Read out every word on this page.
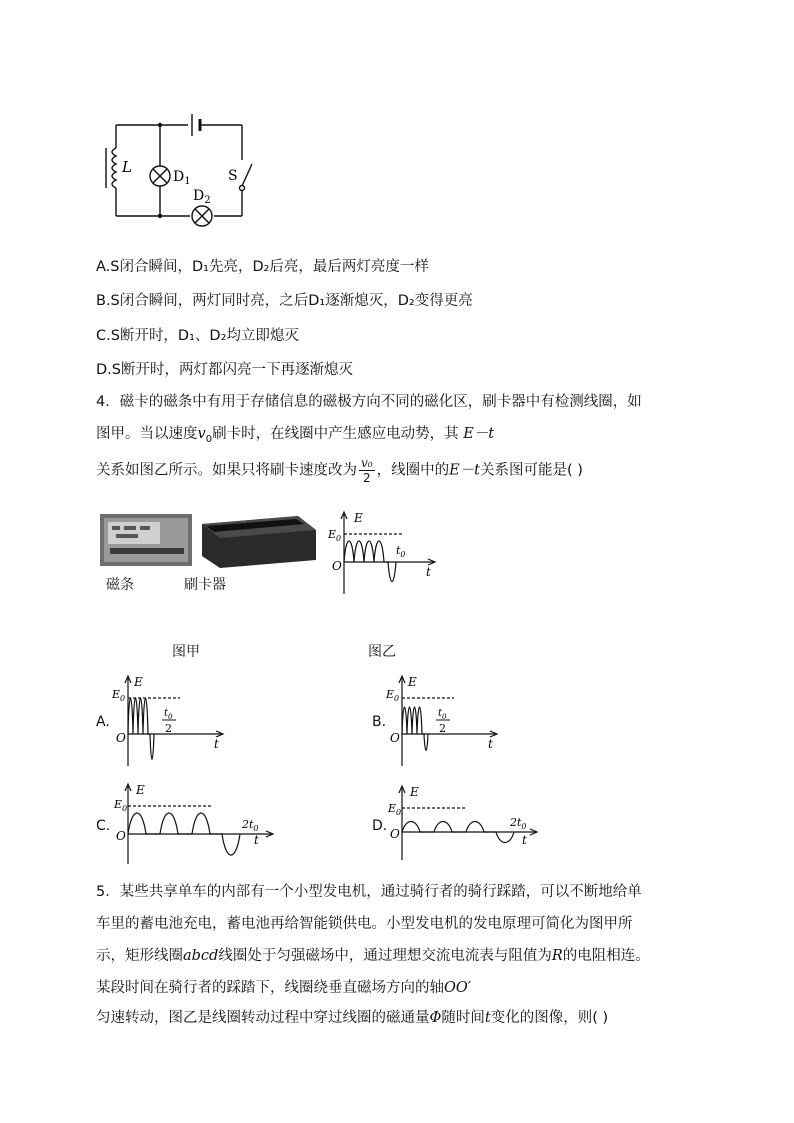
L
$D_1$
$D_2$
S
A.S闭合瞬间，D₁先亮，D₂后亮，最后两灯亮度一样
B.S闭合瞬间，两灯同时亮，之后D₁逐渐熄灭，D₂变得更亮
C.S断开时，D₁、D₂均立即熄灭
D.S断开时，两灯都闪亮一下再逐渐熄灭
4．磁卡的磁条中有用于存储信息的磁极方向不同的磁化区，刷卡器中有检测线圈，如
图甲。当以速度$v_0$刷卡时，在线圈中产生感应电动势，其 E－t
关系如图乙所示。如果只将刷卡速度改为 $\frac{\text{v₀}}{2}$ ，线圈中的E－t关系图可能是( )
磁条	刷卡器
E
$E_0$
$t_0$
O	t
图甲	图乙
A.
E
$E_0$
$t_0$
2
O	t
B.
E
$E_0$
$t_0$
2
O	t
C.
E
$E_0$
$2t_0$
O	t
D.
E
$E_0$
$2t_0$
O	t
5．某些共享单车的内部有一个小型发电机，通过骑行者的骑行踩踏，可以不断地给单
车里的蓄电池充电，蓄电池再给智能锁供电。小型发电机的发电原理可简化为图甲所
示，矩形线圈abcd线圈处于匀强磁场中，通过理想交流电流表与阻值为R的电阻相连。
某段时间在骑行者的踩踏下，线圈绕垂直磁场方向的轴OO′
匀速转动，图乙是线圈转动过程中穿过线圈的磁通量Φ随时间t变化的图像，则( )
